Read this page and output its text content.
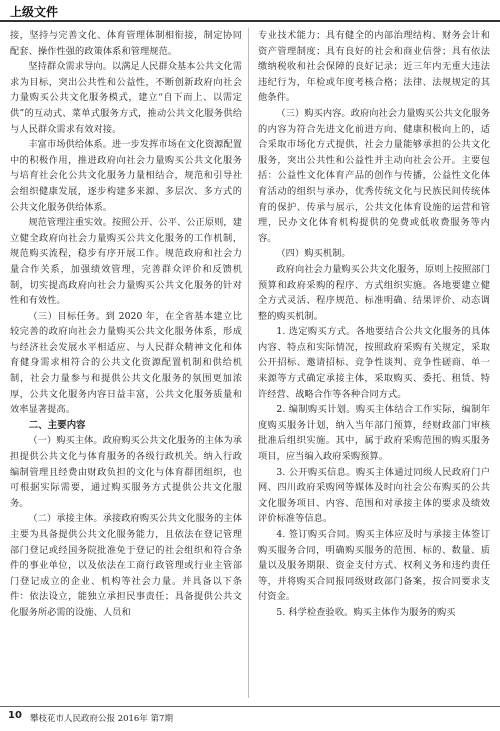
上级文件

接，坚持与完善文化、体育管理体制相衔接，制定协同配套、操作性强的政策体系和管理规范。

坚持群众需求导向。以满足人民群众基本公共文化需求为目标，突出公共性和公益性，不断创新政府向社会力量购买公共文化服务模式，建立“自下而上、以需定供”的互动式、菜单式服务方式，推动公共文化服务供给与人民群众需求有效对接。

丰富市场供给体系。进一步发挥市场在文化资源配置中的积极作用，推进政府向社会力量购买公共文化服务与培育社会化公共文化服务力量相结合，规范和引导社会组织健康发展，逐步构建多来源、多层次、多方式的公共文化服务供给体系。

规范管理注重实效。按照公开、公平、公正原则，建立健全政府向社会力量购买公共文化服务的工作机制，规范购买流程，稳步有序开展工作。规范政府和社会力量合作关系，加强绩效管理，完善群众评价和反馈机制，切实提高政府向社会力量购买公共文化服务的针对性和有效性。

（三）目标任务。到 2020 年，在全省基本建立比较完善的政府向社会力量购买公共文化服务体系，形成与经济社会发展水平相适应、与人民群众精神文化和体育健身需求相符合的公共文化资源配置机制和供给机制，社会力量参与和提供公共文化服务的氛围更加浓厚，公共文化服务内容日益丰富，公共文化服务质量和效率显著提高。

二、主要内容

（一）购买主体。政府购买公共文化服务的主体为承担提供公共文化与体育服务的各级行政机关。纳入行政编制管理且经费由财政负担的文化与体育群团组织，也可根据实际需要，通过购买服务方式提供公共文化服务。

（二）承接主体。承接政府购买公共文化服务的主体主要为具备提供公共文化服务能力，且依法在登记管理部门登记或经国务院批准免于登记的社会组织和符合条件的事业单位，以及依法在工商行政管理或行业主管部门登记成立的企业、机构等社会力量。并具备以下条件：依法设立，能独立承担民事责任；具备提供公共文化服务所必需的设施、人员和

专业技术能力；具有健全的内部治理结构、财务会计和资产管理制度；具有良好的社会和商业信誉；具有依法缴纳税收和社会保障的良好记录；近三年内无重大违法违纪行为，年检或年度考核合格；法律、法规规定的其他条件。

（三）购买内容。政府向社会力量购买公共文化服务的内容为符合先进文化前进方向、健康积极向上的，适合采取市场化方式提供，社会力量能够承担的公共文化服务，突出公共性和公益性并主动向社会公开。主要包括：公益性文化体育产品的创作与传播，公益性文化体育活动的组织与承办，优秀传统文化与民族民间传统体育的保护、传承与展示，公共文化体育设施的运营和管理，民办文化体育机构提供的免费或低收费服务等内容。

（四）购买机制。

政府向社会力量购买公共文化服务，原则上按照部门预算和政府采购的程序、方式组织实施。各地要建立健全方式灵活、程序规范、标准明确、结果评价、动态调整的购买机制。

1. 选定购买方式。各地要结合公共文化服务的具体内容、特点和实际情况，按照政府采购有关规定，采取公开招标、邀请招标、竞争性谈判、竞争性磋商、单一来源等方式确定承接主体，采取购买、委托、租赁、特许经营、战略合作等各种合同方式。

2. 编制购买计划。购买主体结合工作实际，编制年度购买服务计划，纳入当年部门预算，经财政部门审核批准后组织实施。其中，属于政府采购范围的购买服务项目，应当编入政府采购预算。

3. 公开购买信息。购买主体通过同级人民政府门户网、四川政府采购网等媒体及时向社会公布购买的公共文化服务项目、内容、范围和对承接主体的要求及绩效评价标准等信息。

4. 签订购买合同。购买主体应及时与承接主体签订购买服务合同，明确购买服务的范围、标的、数量、质量以及服务期限、资金支付方式、权利义务和违约责任等，并将购买合同报同级财政部门备案，按合同要求支付资金。

5. 科学检查验收。购买主体作为服务的购买

10 攀枝花市人民政府公报 2016年 第7期
